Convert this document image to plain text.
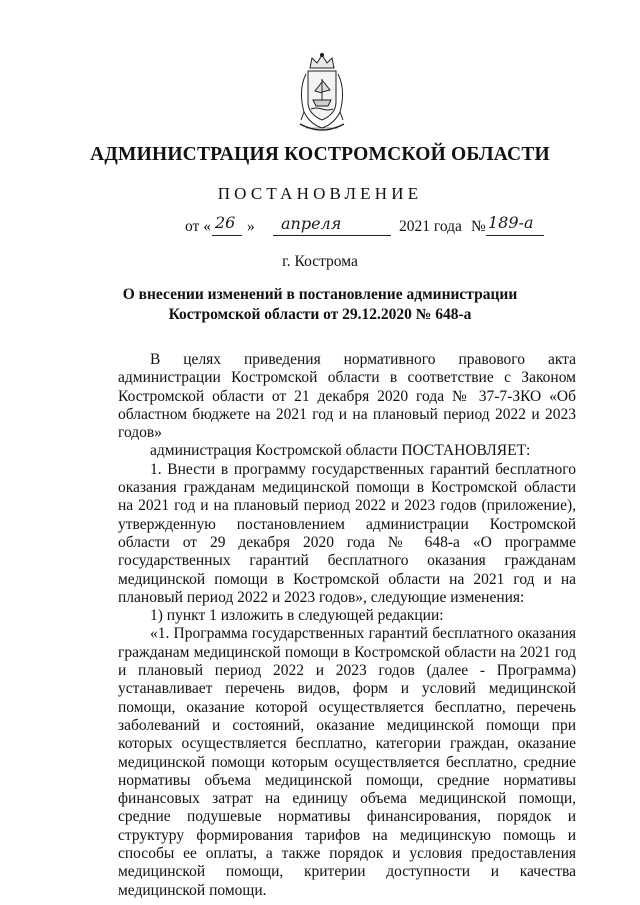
АДМИНИСТРАЦИЯ КОСТРОМСКОЙ ОБЛАСТИ
ПОСТАНОВЛЕНИЕ
от « 26 » апреля	2021 года № 189-а
г. Кострома
О внесении изменений в постановление администрации
Костромской области от 29.12.2020 № 648-а

В целях приведения нормативного правового акта администрации Костромской области в соответствие с Законом Костромской области от 21 декабря 2020 года № 37-7-ЗКО «Об областном бюджете на 2021 год и на плановый период 2022 и 2023 годов»

администрация Костромской области ПОСТАНОВЛЯЕТ:

1. Внести в программу государственных гарантий бесплатного оказания гражданам медицинской помощи в Костромской области на 2021 год и на плановый период 2022 и 2023 годов (приложение), утвержденную постановлением администрации Костромской области от 29 декабря 2020 года № 648-а «О программе государственных гарантий бесплатного оказания гражданам медицинской помощи в Костромской области на 2021 год и на плановый период 2022 и 2023 годов», следующие изменения:

1) пункт 1 изложить в следующей редакции:

«1. Программа государственных гарантий бесплатного оказания гражданам медицинской помощи в Костромской области на 2021 год и плановый период 2022 и 2023 годов (далее - Программа) устанавливает перечень видов, форм и условий медицинской помощи, оказание которой осуществляется бесплатно, перечень заболеваний и состояний, оказание медицинской помощи при которых осуществляется бесплатно, категории граждан, оказание медицинской помощи которым осуществляется бесплатно, средние нормативы объема медицинской помощи, средние нормативы финансовых затрат на единицу объема медицинской помощи, средние подушевые нормативы финансирования, порядок и структуру формирования тарифов на медицинскую помощь и способы ее оплаты, а также порядок и условия предоставления медицинской помощи, критерии доступности и качества медицинской помощи.
